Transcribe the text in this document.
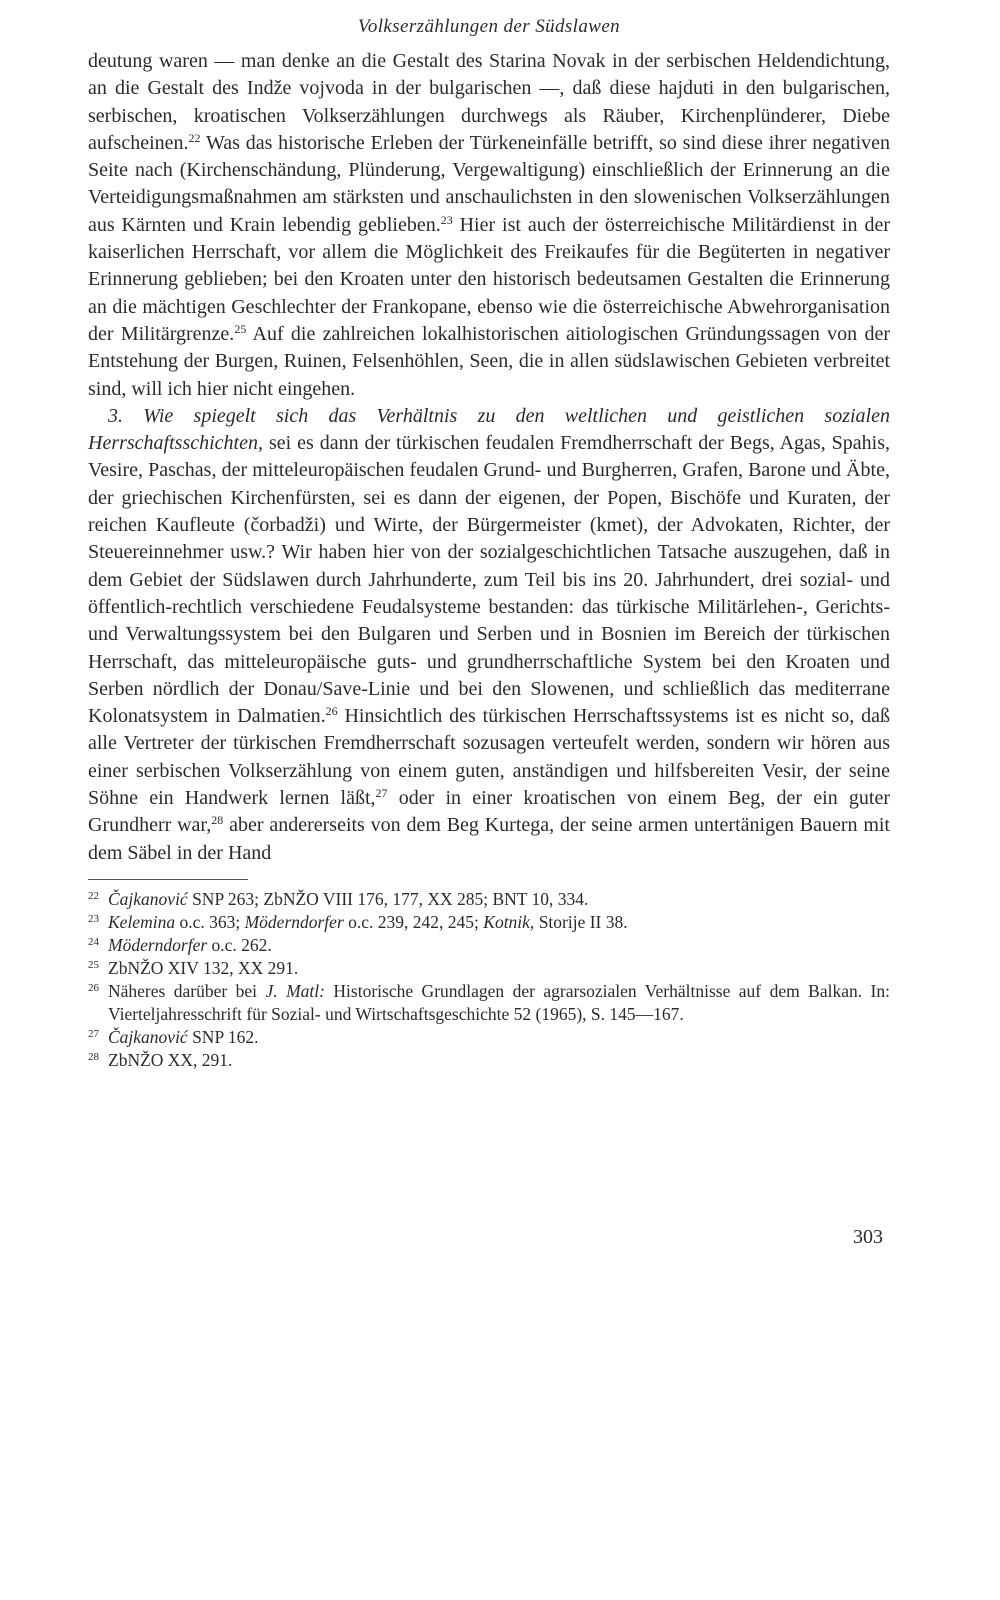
Volkserzählungen der Südslawen

deutung waren — man denke an die Gestalt des Starina Novak in der serbischen Heldendichtung, an die Gestalt des Indže vojvoda in der bulgarischen —, daß diese hajduti in den bulgarischen, serbischen, kroatischen Volkserzählungen durchwegs als Räuber, Kirchenplünderer, Diebe aufscheinen.$^{22}$ Was das historische Erleben der Türkeneinfälle betrifft, so sind diese ihrer negativen Seite nach (Kirchenschändung, Plünderung, Vergewaltigung) einschließlich der Erinnerung an die Verteidigungsmaßnahmen am stärksten und anschaulichsten in den slowenischen Volkserzählungen aus Kärnten und Krain lebendig geblieben.$^{23}$ Hier ist auch der österreichische Militärdienst in der kaiserlichen Herrschaft, vor allem die Möglichkeit des Freikaufes für die Begüterten in negativer Erinnerung geblieben; bei den Kroaten unter den historisch bedeutsamen Gestalten die Erinnerung an die mächtigen Geschlechter der Frankopane, ebenso wie die österreichische Abwehrorganisation der Militärgrenze.$^{25}$ Auf die zahlreichen lokalhistorischen aitiologischen Gründungssagen von der Entstehung der Burgen, Ruinen, Felsenhöhlen, Seen, die in allen südslawischen Gebieten verbreitet sind, will ich hier nicht eingehen.

3. Wie spiegelt sich das Verhältnis zu den weltlichen und geistlichen sozialen Herrschaftsschichten, sei es dann der türkischen feudalen Fremdherrschaft der Begs, Agas, Spahis, Vesire, Paschas, der mitteleuropäischen feudalen Grund- und Burgherren, Grafen, Barone und Äbte, der griechischen Kirchenfürsten, sei es dann der eigenen, der Popen, Bischöfe und Kuraten, der reichen Kaufleute (čorbadži) und Wirte, der Bürgermeister (kmet), der Advokaten, Richter, der Steuereinnehmer usw.? Wir haben hier von der sozialgeschichtlichen Tatsache auszugehen, daß in dem Gebiet der Südslawen durch Jahrhunderte, zum Teil bis ins 20. Jahrhundert, drei sozial- und öffentlich-rechtlich verschiedene Feudalsysteme bestanden: das türkische Militärlehen-, Gerichts- und Verwaltungssystem bei den Bulgaren und Serben und in Bosnien im Bereich der türkischen Herrschaft, das mitteleuropäische guts- und grundherrschaftliche System bei den Kroaten und Serben nördlich der Donau/Save-Linie und bei den Slowenen, und schließlich das mediterrane Kolonatsystem in Dalmatien.$^{26}$ Hinsichtlich des türkischen Herrschaftssystems ist es nicht so, daß alle Vertreter der türkischen Fremdherrschaft sozusagen verteufelt werden, sondern wir hören aus einer serbischen Volkserzählung von einem guten, anständigen und hilfsbereiten Vesir, der seine Söhne ein Handwerk lernen läßt,$^{27}$ oder in einer kroatischen von einem Beg, der ein guter Grundherr war,$^{28}$ aber andererseits von dem Beg Kurtega, der seine armen untertänigen Bauern mit dem Säbel in der Hand

$^{22}$ Čajkanović SNP 263; ZbNŽO VIII 176, 177, XX 285; BNT 10, 334.

$^{23}$ Kelemina o.c. 363; Möderndorfer o.c. 239, 242, 245; Kotnik, Storije II 38.

$^{24}$ Möderndorfer o.c. 262.

$^{25}$ ZbNŽO XIV 132, XX 291.

$^{26}$ Näheres darüber bei J. Matl: Historische Grundlagen der agrarsozialen Verhältnisse auf dem Balkan. In: Vierteljahresschrift für Sozial- und Wirtschaftsgeschichte 52 (1965), S. 145—167.

$^{27}$ Čajkanović SNP 162.

$^{28}$ ZbNŽO XX, 291.

303
